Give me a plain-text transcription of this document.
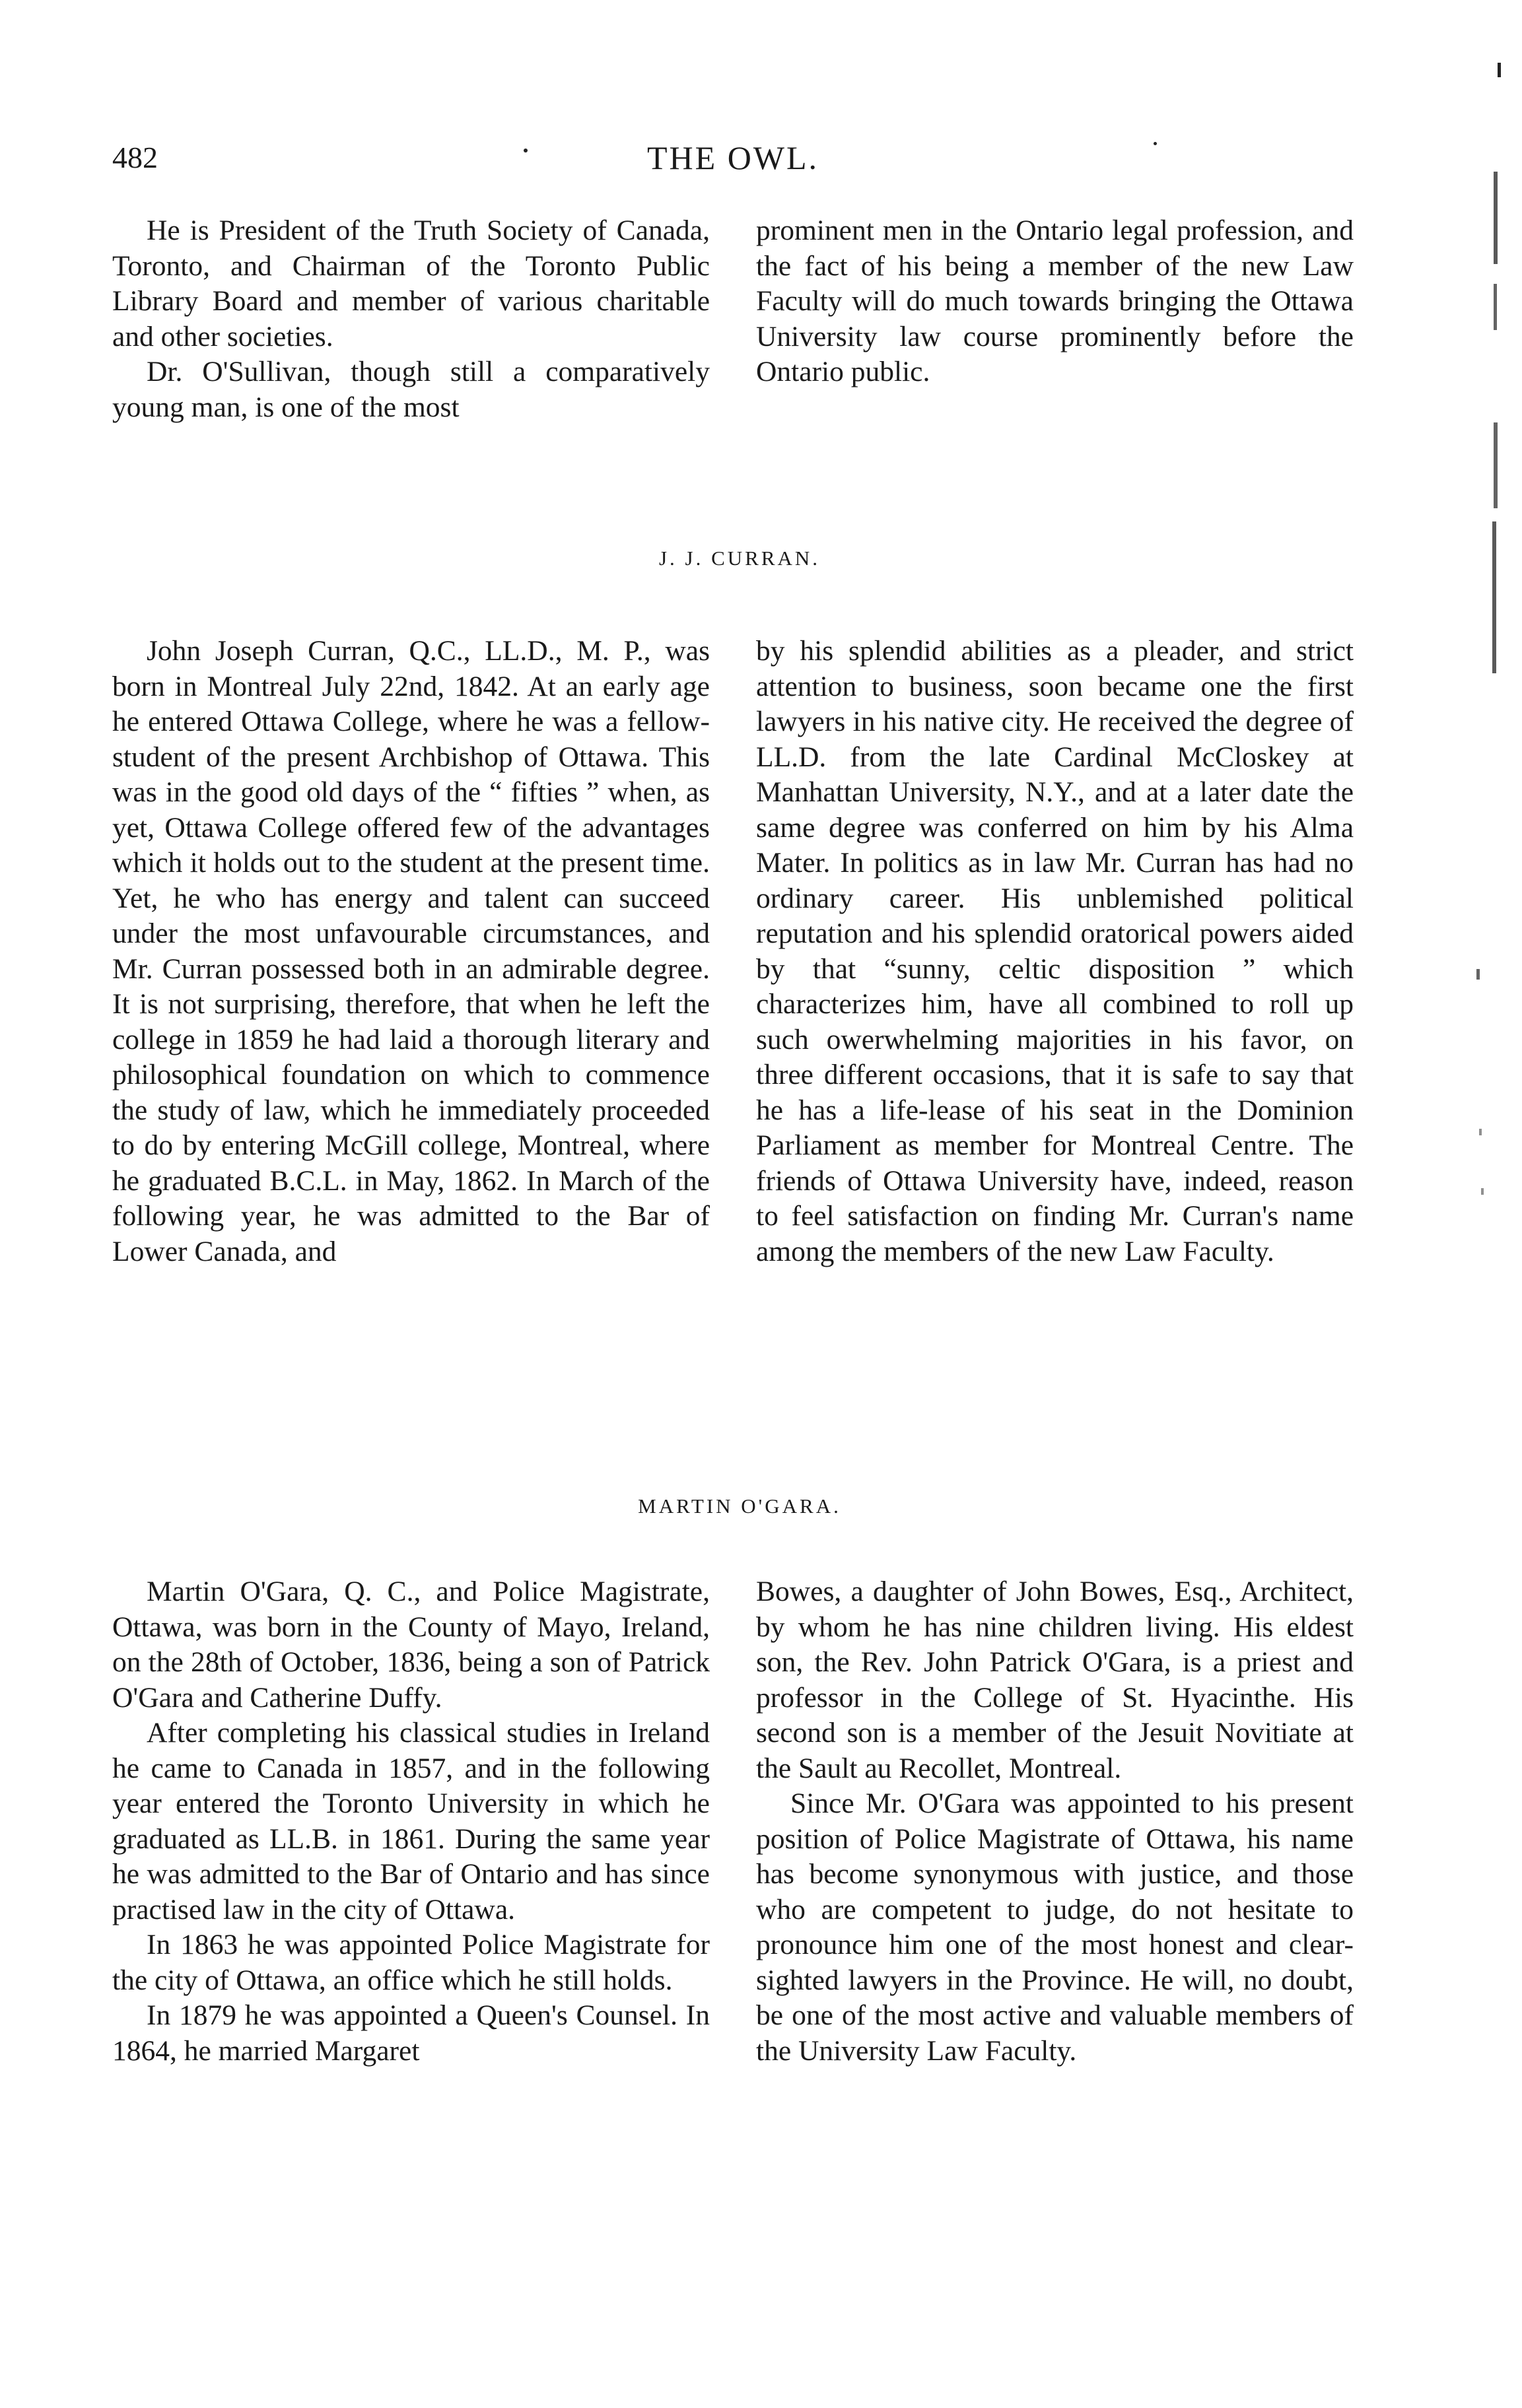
482	THE OWL.

He is President of the Truth Society of Canada, Toronto, and Chairman of the Toronto Public Library Board and member of various charitable and other societies.

Dr. O'Sullivan, though still a comparatively young man, is one of the most

prominent men in the Ontario legal profession, and the fact of his being a member of the new Law Faculty will do much towards bringing the Ottawa University law course prominently before the Ontario public.

J. J. CURRAN.

John Joseph Curran, Q.C., LL.D., M. P., was born in Montreal July 22nd, 1842. At an early age he entered Ottawa College, where he was a fellow-student of the present Archbishop of Ottawa. This was in the good old days of the “ fifties ” when, as yet, Ottawa College offered few of the advantages which it holds out to the student at the present time. Yet, he who has energy and talent can succeed under the most unfavourable circumstances, and Mr. Curran possessed both in an admirable degree. It is not surprising, therefore, that when he left the college in 1859 he had laid a thorough literary and philosophical foundation on which to commence the study of law, which he immediately proceeded to do by entering McGill college, Montreal, where he graduated B.C.L. in May, 1862. In March of the following year, he was admitted to the Bar of Lower Canada, and

by his splendid abilities as a pleader, and strict attention to business, soon became one the first lawyers in his native city. He received the degree of LL.D. from the late Cardinal McCloskey at Manhattan University, N.Y., and at a later date the same degree was conferred on him by his Alma Mater. In politics as in law Mr. Curran has had no ordinary career. His unblemished political reputation and his splendid oratorical powers aided by that “sunny, celtic disposition ” which characterizes him, have all combined to roll up such owerwhelming majorities in his favor, on three different occasions, that it is safe to say that he has a life-lease of his seat in the Dominion Parliament as member for Montreal Centre. The friends of Ottawa University have, indeed, reason to feel satisfaction on finding Mr. Curran's name among the members of the new Law Faculty.

MARTIN O'GARA.

Martin O'Gara, Q. C., and Police Magistrate, Ottawa, was born in the County of Mayo, Ireland, on the 28th of October, 1836, being a son of Patrick O'Gara and Catherine Duffy.

After completing his classical studies in Ireland he came to Canada in 1857, and in the following year entered the Toronto University in which he graduated as LL.B. in 1861. During the same year he was admitted to the Bar of Ontario and has since practised law in the city of Ottawa.

In 1863 he was appointed Police Magistrate for the city of Ottawa, an office which he still holds.

In 1879 he was appointed a Queen's Counsel. In 1864, he married Margaret

Bowes, a daughter of John Bowes, Esq., Architect, by whom he has nine children living. His eldest son, the Rev. John Patrick O'Gara, is a priest and professor in the College of St. Hyacinthe. His second son is a member of the Jesuit Novitiate at the Sault au Recollet, Montreal.

Since Mr. O'Gara was appointed to his present position of Police Magistrate of Ottawa, his name has become synonymous with justice, and those who are competent to judge, do not hesitate to pronounce him one of the most honest and clear-sighted lawyers in the Province. He will, no doubt, be one of the most active and valuable members of the University Law Faculty.
